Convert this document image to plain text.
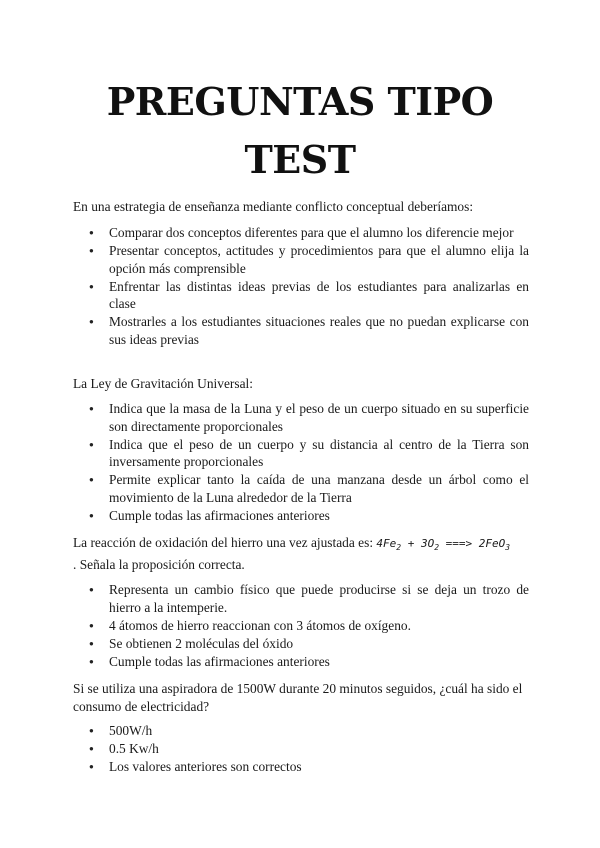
PREGUNTAS TIPO
TEST

En una estrategia de enseñanza mediante conflicto conceptual deberíamos:

● Comparar dos conceptos diferentes para que el alumno los diferencie mejor
● Presentar conceptos, actitudes y procedimientos para que el alumno elija la opción más comprensible
● Enfrentar las distintas ideas previas de los estudiantes para analizarlas en clase
● Mostrarles a los estudiantes situaciones reales que no puedan explicarse con sus ideas previas

La Ley de Gravitación Universal:

● Indica que la masa de la Luna y el peso de un cuerpo situado en su superficie son directamente proporcionales
● Indica que el peso de un cuerpo y su distancia al centro de la Tierra son inversamente proporcionales
● Permite explicar tanto la caída de una manzana desde un árbol como el movimiento de la Luna alrededor de la Tierra
● Cumple todas las afirmaciones anteriores

La reacción de oxidación del hierro una vez ajustada es: $4Fe_2 + 3O_2$ ===> 2FeO$_3$

. Señala la proposición correcta.

● Representa un cambio físico que puede producirse si se deja un trozo de hierro a la intemperie.
● 4 átomos de hierro reaccionan con 3 átomos de oxígeno.
● Se obtienen 2 moléculas del óxido
● Cumple todas las afirmaciones anteriores

Si se utiliza una aspiradora de 1500W durante 20 minutos seguidos, ¿cuál ha sido el consumo de electricidad?

● 500W/h
● 0.5 Kw/h
● Los valores anteriores son correctos
